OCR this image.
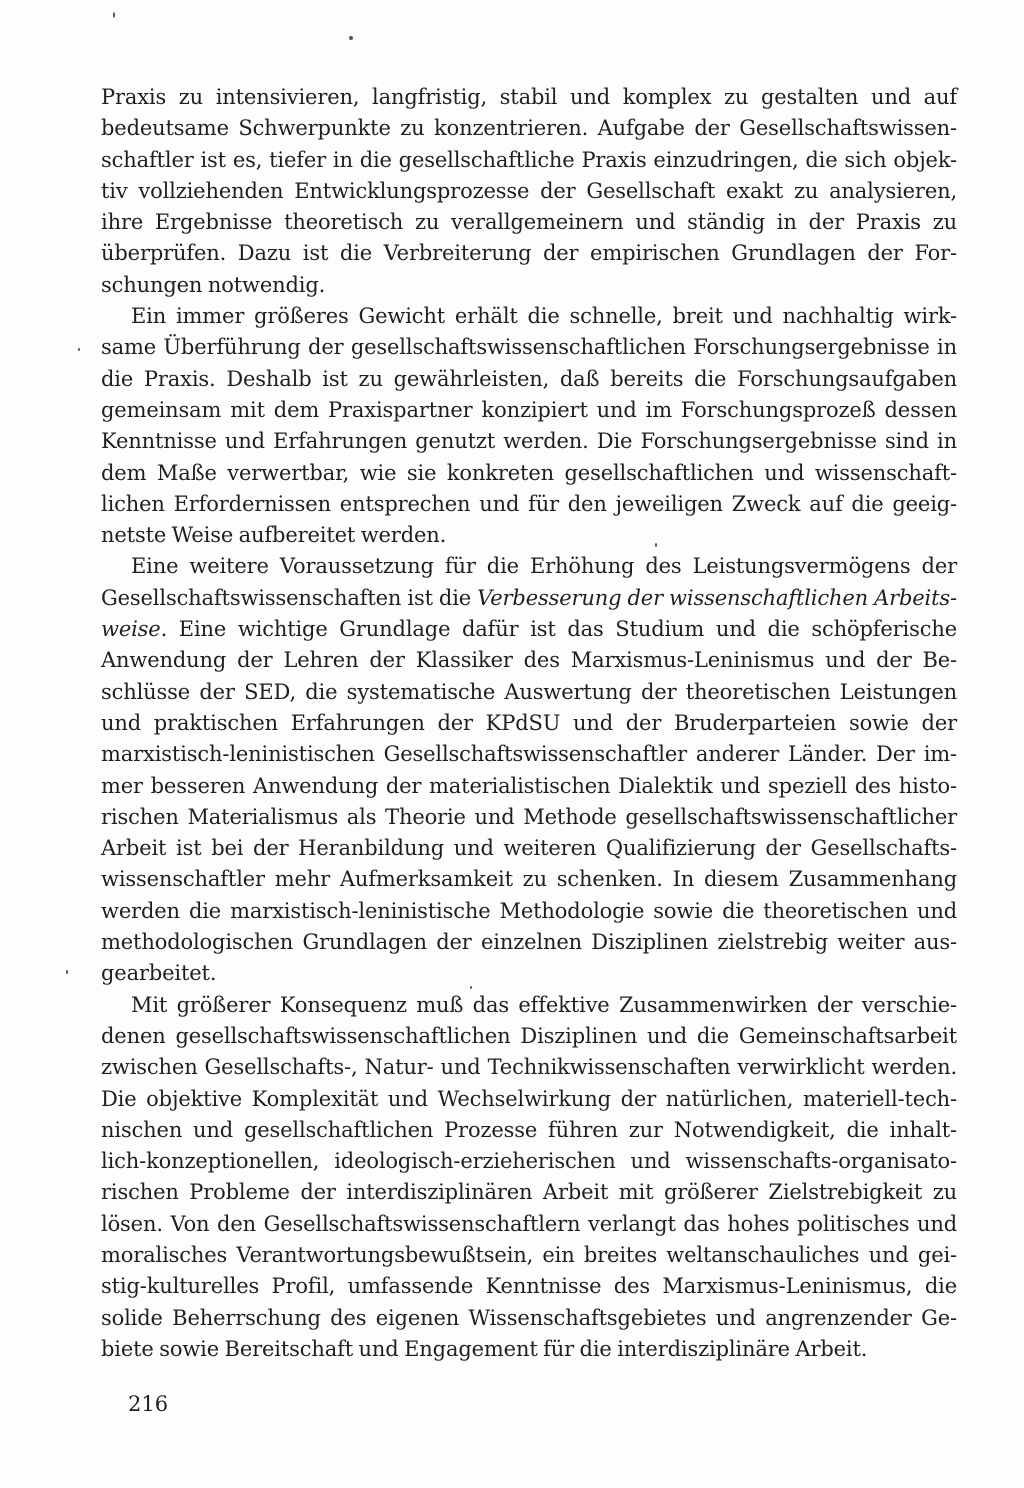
Praxis zu intensivieren, langfristig, stabil und komplex zu gestalten und auf
bedeutsame Schwerpunkte zu konzentrieren. Aufgabe der Gesellschaftswissen-
schaftler ist es, tiefer in die gesellschaftliche Praxis einzudringen, die sich objek-
tiv vollziehenden Entwicklungsprozesse der Gesellschaft exakt zu analysieren,
ihre Ergebnisse theoretisch zu verallgemeinern und ständig in der Praxis zu
überprüfen. Dazu ist die Verbreiterung der empirischen Grundlagen der For-
schungen notwendig.
Ein immer größeres Gewicht erhält die schnelle, breit und nachhaltig wirk-
same Überführung der gesellschaftswissenschaftlichen Forschungsergebnisse in
die Praxis. Deshalb ist zu gewährleisten, daß bereits die Forschungsaufgaben
gemeinsam mit dem Praxispartner konzipiert und im Forschungsprozeß dessen
Kenntnisse und Erfahrungen genutzt werden. Die Forschungsergebnisse sind in
dem Maße verwertbar, wie sie konkreten gesellschaftlichen und wissenschaft-
lichen Erfordernissen entsprechen und für den jeweiligen Zweck auf die geeig-
netste Weise aufbereitet werden.
Eine weitere Voraussetzung für die Erhöhung des Leistungsvermögens der
Gesellschaftswissenschaften ist die Verbesserung der wissenschaftlichen Arbeits-
weise. Eine wichtige Grundlage dafür ist das Studium und die schöpferische
Anwendung der Lehren der Klassiker des Marxismus-Leninismus und der Be-
schlüsse der SED, die systematische Auswertung der theoretischen Leistungen
und praktischen Erfahrungen der KPdSU und der Bruderparteien sowie der
marxistisch-leninistischen Gesellschaftswissenschaftler anderer Länder. Der im-
mer besseren Anwendung der materialistischen Dialektik und speziell des histo-
rischen Materialismus als Theorie und Methode gesellschaftswissenschaftlicher
Arbeit ist bei der Heranbildung und weiteren Qualifizierung der Gesellschafts-
wissenschaftler mehr Aufmerksamkeit zu schenken. In diesem Zusammenhang
werden die marxistisch-leninistische Methodologie sowie die theoretischen und
methodologischen Grundlagen der einzelnen Disziplinen zielstrebig weiter aus-
gearbeitet.
Mit größerer Konsequenz muß das effektive Zusammenwirken der verschie-
denen gesellschaftswissenschaftlichen Disziplinen und die Gemeinschaftsarbeit
zwischen Gesellschafts-, Natur- und Technikwissenschaften verwirklicht werden.
Die objektive Komplexität und Wechselwirkung der natürlichen, materiell-tech-
nischen und gesellschaftlichen Prozesse führen zur Notwendigkeit, die inhalt-
lich-konzeptionellen, ideologisch-erzieherischen und wissenschafts-organisato-
rischen Probleme der interdisziplinären Arbeit mit größerer Zielstrebigkeit zu
lösen. Von den Gesellschaftswissenschaftlern verlangt das hohes politisches und
moralisches Verantwortungsbewußtsein, ein breites weltanschauliches und gei-
stig-kulturelles Profil, umfassende Kenntnisse des Marxismus-Leninismus, die
solide Beherrschung des eigenen Wissenschaftsgebietes und angrenzender Ge-
biete sowie Bereitschaft und Engagement für die interdisziplinäre Arbeit.
216
